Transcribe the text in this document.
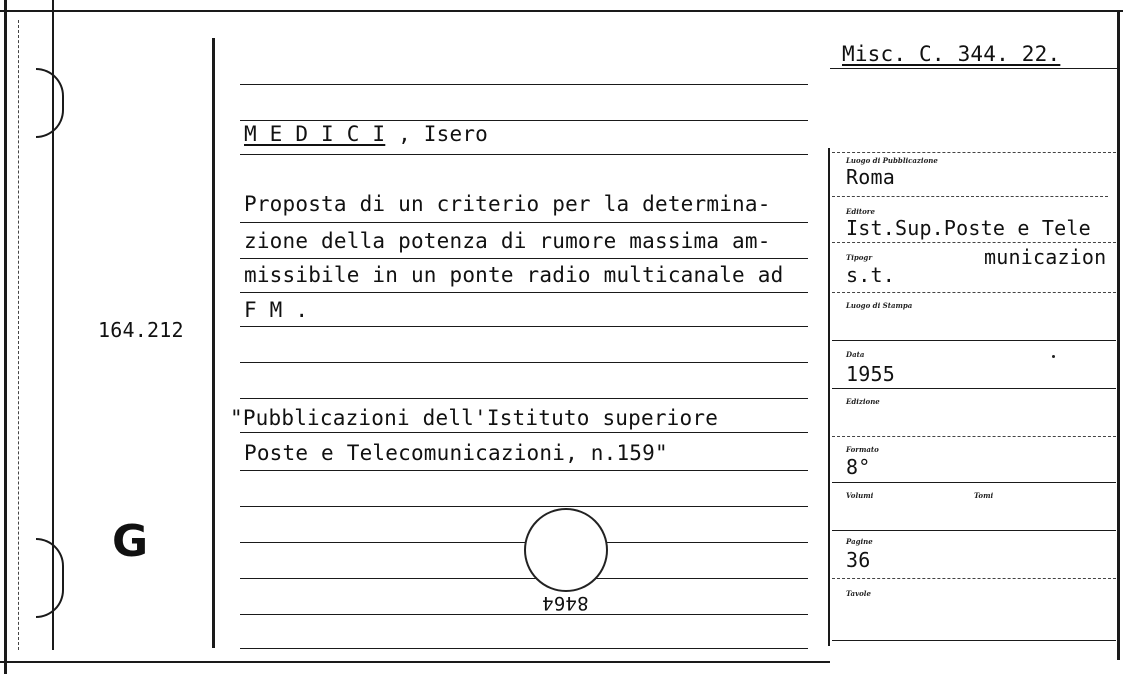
164.212
G
Misc. C. 344. 22.
M E D I C I , Isero
Proposta di un criterio per la determina-
zione della potenza di rumore massima am-
missibile in un ponte radio multicanale ad
F M .
"Pubblicazioni dell'Istituto superiore
Poste e Telecomunicazioni, n.159"
8464
Luogo di Pubblicazione
Roma
Editore
Ist.Sup.Poste e Tele
Tipogr	municazion
s.t.
Luogo di Stampa
Data
1955
Edizione
Formato
8°
Volumi	Tomi
Pagine
36
Tavole
